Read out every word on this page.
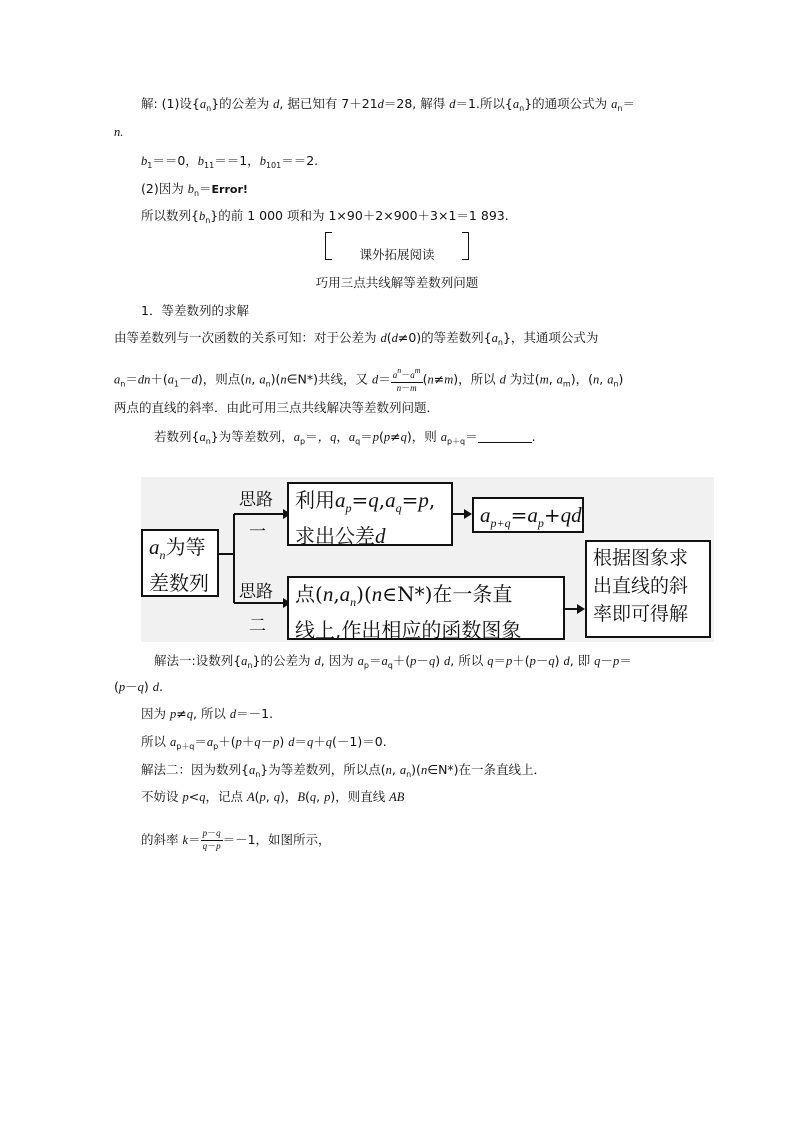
解: (1)设$\{a_n\}$的公差为 d, 据已知有 7＋21d＝28, 解得 d＝1.所以$\{a_n\}$的通项公式为 $a_n=$
n.
$b_1==0$，$b_{11}==1$，$b_{101}==2$.
(2)因为 $b_n=Error$!
所以数列$\{b_n\}$的前 1 000 项和为 1×90＋2×900＋3×1＝1 893.
课外拓展阅读
巧用三点共线解等差数列问题
1．等差数列的求解
由等差数列与一次函数的关系可知：对于公差为 d(d≠0)的等差数列$\{a_n\}$，其通项公式为
$a_n=dn+(a_1-d)$，则点(n, $a_n)(n\in N*)$共线，又 $d= \frac{an-am}{n-m} (n\ne m)$，所以 d 为过(m, $a_m$)，(n, $a_n$)
两点的直线的斜率．由此可用三点共线解决等差数列问题．
若数列$\{a_n\}$为等差数列，$a_p=$，q，$a_q=p(p\ne q)$，则 $a_{p+q}=$	.
$a_n$为等
差数列
思路
一
思路
二
利用$a_p=q,a_q=p$,
求出公差d
$a_{p+q}=a_p+qd$
点$(n,a_n)(n\in N*)$在一条直
线上,作出相应的函数图象
根据图象求
出直线的斜
率即可得解
解法一:设数列$\{a_n\}$的公差为 d, 因为 $a_p=a_q+(p-q)$ d, 所以 q＝p＋(p－q) d, 即 q－p＝
(p－q) d.
因为 p≠q, 所以 d＝－1.
所以 $a_{p+q}=a_p+(p+q-p)$ d＝q＋q(－1)＝0.
解法二：因为数列$\{a_n\}$为等差数列，所以点(n, $a_n)(n\in N*)$在一条直线上．
不妨设 p<q，记点 A(p, q)，B(q, p)，则直线 AB
的斜率 $k= \frac{p-q}{q-p} =-1$，如图所示，
